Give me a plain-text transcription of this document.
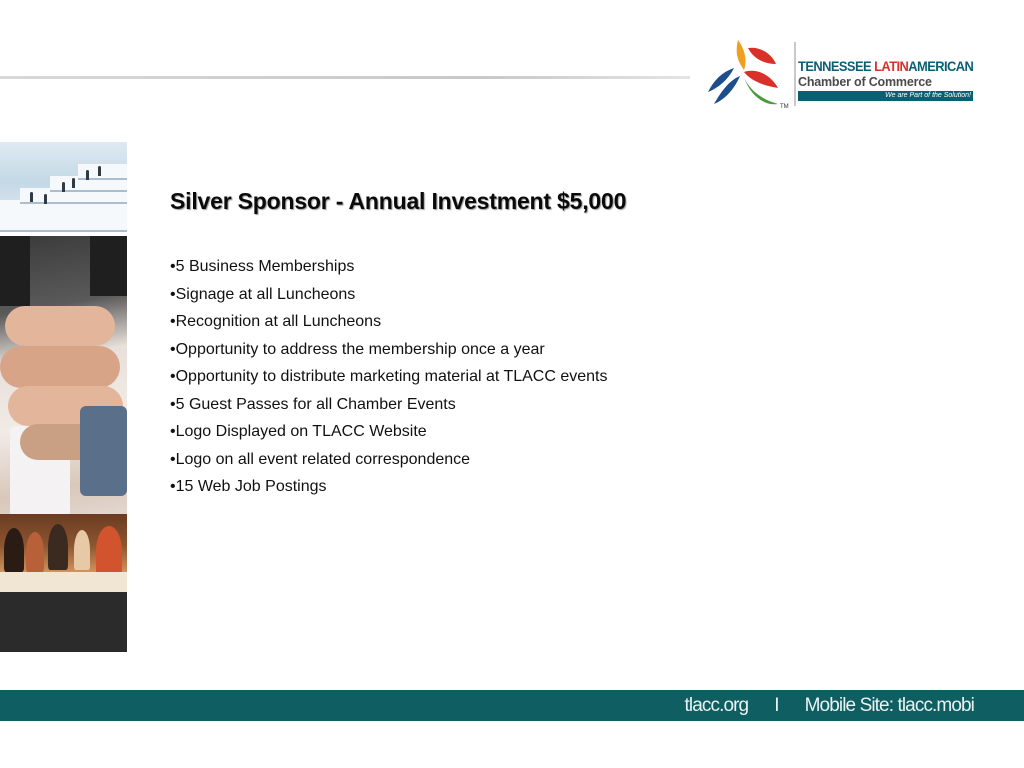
TM
TENNESSEE LATINAMERICAN
Chamber of Commerce
We are Part of the Solution!
Silver Sponsor - Annual Investment $5,000
•5 Business Memberships
•Signage at all Luncheons
•Recognition at all Luncheons
•Opportunity to address the membership once a year
•Opportunity to distribute marketing material at TLACC events
•5 Guest Passes for all Chamber Events
•Logo Displayed on TLACC Website
•Logo on all event related correspondence
•15 Web Job Postings
tlacc.org I Mobile Site: tlacc.mobi
